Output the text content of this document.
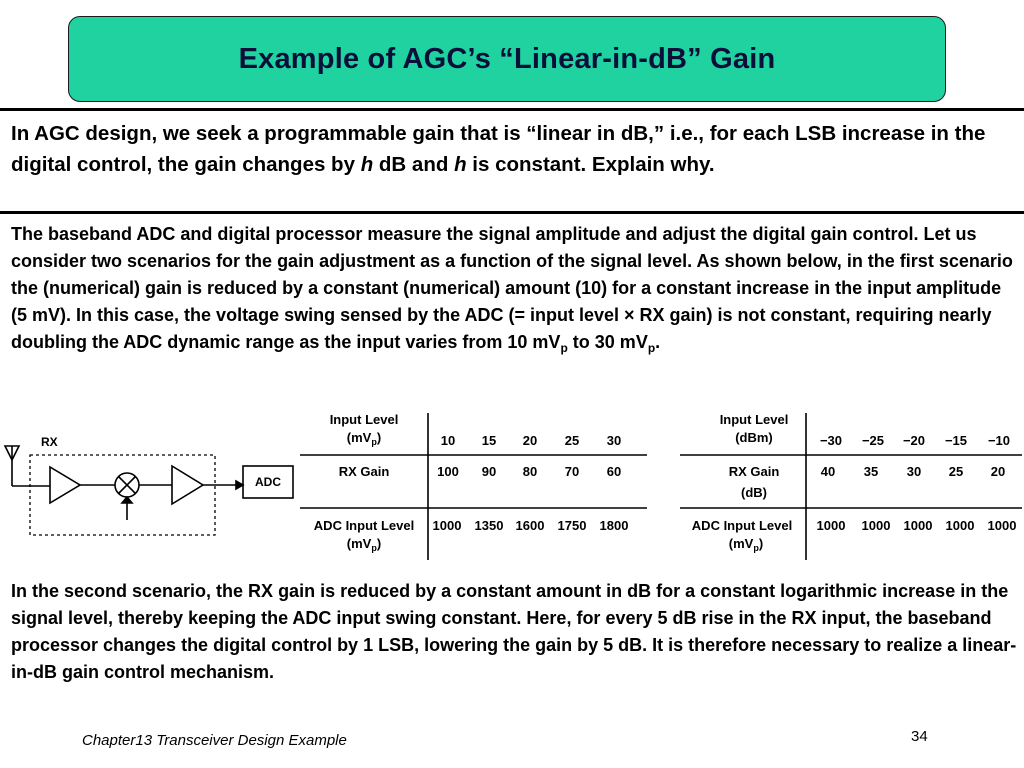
Example of AGC’s “Linear-in-dB” Gain
In AGC design, we seek a programmable gain that is “linear in dB,” i.e., for each LSB increase in the digital control, the gain changes by h dB and h is constant. Explain why.
The baseband ADC and digital processor measure the signal amplitude and adjust the digital gain control. Let us consider two scenarios for the gain adjustment as a function of the signal level. As shown below, in the first scenario the (numerical) gain is reduced by a constant (numerical) amount (10) for a constant increase in the input amplitude (5 mV). In this case, the voltage swing sensed by the ADC (= input level × RX gain) is not constant, requiring nearly doubling the ADC dynamic range as the input varies from 10 $mV_p$ to 30 $mV_p$.
RX
ADC
Input Level
$(mV_p)$
RX Gain
ADC Input Level
$(mV_p)$
10 15 20 25 30
100 90 80 70 60
1000 1350 1600 1750 1800
Input Level
(dBm)
RX Gain
(dB)
ADC Input Level
$(mV_p)$
−30 −25 −20 −15 −10
40 35 30 25 20
1000 1000 1000 1000 1000
In the second scenario, the RX gain is reduced by a constant amount in dB for a constant logarithmic increase in the signal level, thereby keeping the ADC input swing constant. Here, for every 5 dB rise in the RX input, the baseband processor changes the digital control by 1 LSB, lowering the gain by 5 dB. It is therefore necessary to realize a linear-in-dB gain control mechanism.
Chapter13 Transceiver Design Example	34
